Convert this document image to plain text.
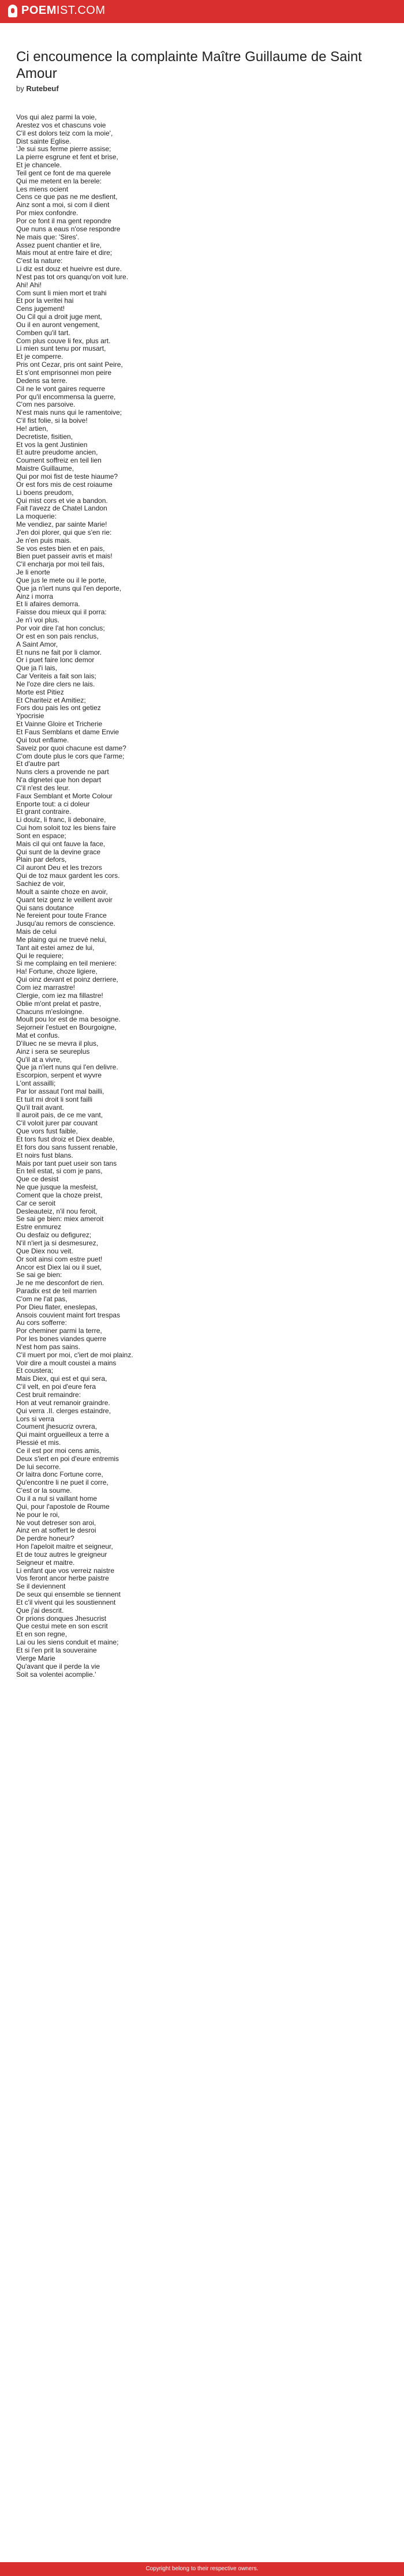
POEM IST.COM
Ci encoumence la complainte Maître Guillaume de Saint Amour
by Rutebeuf
Vos qui alez parmi la voie,
Arestez vos et chascuns voie
C'il est dolors teiz com la moie',
Dist sainte Eglise.
'Je sui sus ferme pierre assise;
La pierre esgrune et fent et brise,
Et je chancele.
Teil gent ce font de ma querele
Qui me metent en la berele:
Les miens ocient
Cens ce que pas ne me desfient,
Ainz sont a moi, si com il dient
Por miex confondre.
Por ce font il ma gent repondre
Que nuns a eaus n'ose respondre
Ne mais que: 'Sires'.
Assez puent chantier et lire,
Mais mout at entre faire et dire;
C'est la nature:
Li diz est douz et hueivre est dure.
N'est pas tot ors quanqu'on voit lure.
Ahi! Ahi!
Com sunt li mien mort et trahi
Et por la veritei hai
Cens jugement!
Ou Cil qui a droit juge ment,
Ou il en auront vengement,
Comben qu'il tart.
Com plus couve li fex, plus art.
Li mien sunt tenu por musart,
Et je comperre.
Pris ont Cezar, pris ont saint Peire,
Et s'ont emprisonnei mon peire
Dedens sa terre.
Cil ne le vont gaires requerre
Por qu'il encommensa la guerre,
C'om nes parsoive.
N'est mais nuns qui le ramentoive;
C'il fist folie, si la boive!
He! artien,
Decretiste, fisitien,
Et vos la gent Justinien
Et autre preudome ancien,
Coument soffreiz en teil lien
Maistre Guillaume,
Qui por moi fist de teste hiaume?
Or est fors mis de cest roiaume
Li boens preudom,
Qui mist cors et vie a bandon.
Fait l'avezz de Chatel Landon
La moquerie:
Me vendiez, par sainte Marie!
J'en doi plorer, qui que s'en rie:
Je n'en puis mais.
Se vos estes bien et en pais,
Bien puet passeir avris et mais!
C'il encharja por moi teil fais,
Je li enorte
Que jus le mete ou il le porte,
Que ja n'iert nuns qui l'en deporte,
Ainz i morra
Et li afaires demorra.
Faisse dou mieux qui il porra:
Je n'i voi plus.
Por voir dire l'at hon conclus;
Or est en son pais renclus,
A Saint Amor,
Et nuns ne fait por li clamor.
Or i puet faire lonc demor
Que ja l'i lais,
Car Veriteis a fait son lais;
Ne l'oze dire clers ne lais.
Morte est Pitiez
Et Chariteiz et Amitiez;
Fors dou pais les ont getiez
Ypocrisie
Et Vainne Gloire et Tricherie
Et Faus Semblans et dame Envie
Qui tout enflame.
Saveiz por quoi chacune est dame?
C'om doute plus le cors que l'arme;
Et d'autre part
Nuns clers a provende ne part
N'a dignetei que hon depart
C'il n'est des leur.
Faux Semblant et Morte Colour
Enporte tout: a ci doleur
Et grant contraire.
Li doulz, li franc, li debonaire,
Cui hom soloit toz les biens faire
Sont en espace;
Mais cil qui ont fauve la face,
Qui sunt de la devine grace
Plain par defors,
Cil auront Deu et les trezors
Qui de toz maux gardent les cors.
Sachiez de voir,
Moult a sainte choze en avoir,
Quant teiz genz le veillent avoir
Qui sans doutance
Ne fereient pour toute France
Jusqu'au remors de conscience.
Mais de celui
Me plaing qui ne truevé nelui,
Tant ait estei amez de lui,
Qui le requiere;
Si me complaing en teil meniere:
Ha! Fortune, choze ligiere,
Qui oinz devant et poinz derriere,
Com iez marrastre!
Clergie, com iez ma fillastre!
Oblie m'ont prelat et pastre,
Chacuns m'esloingne.
Moult pou lor est de ma besoigne.
Sejorneir l'estuet en Bourgoigne,
Mat et confus.
D'iluec ne se mevra il plus,
Ainz i sera se seureplus
Qu'il at a vivre,
Que ja n'iert nuns qui l'en delivre.
Escorpion, serpent et wyvre
L'ont assailli;
Par lor assaut l'ont mal bailli,
Et tuit mi droit li sont failli
Qu'il trait avant.
Il auroit pais, de ce me vant,
C'il voloit jurer par couvant
Que vors fust faible,
Et tors fust droiz et Diex deable,
Et fors dou sans fussent renable,
Et noirs fust blans.
Mais por tant puet useir son tans
En teil estat, si com je pans,
Que ce desist
Ne que jusque la mesfeist,
Coment que la choze preist,
Car ce seroit
Desleauteiz, n'il nou feroit,
Se sai ge bien: miex ameroit
Estre enmurez
Ou desfaiz ou defigurez;
N'il n'iert ja si desmesurez,
Que Diex nou veit.
Or soit ainsi com estre puet!
Ancor est Diex lai ou il suet,
Se sai ge bien:
Je ne me desconfort de rien.
Paradix est de teil marrien
C'om ne l'at pas,
Por Dieu flater, eneslepas,
Ansois couvient maint fort trespas
Au cors sofferre:
Por cheminer parmi la terre,
Por les bones viandes querre
N'est hom pas sains.
C'il muert por moi, c'iert de moi plainz.
Voir dire a moult coustei a mains
Et coustera;
Mais Diex, qui est et qui sera,
C'il velt, en poi d'eure fera
Cest bruit remaindre:
Hon at veut remanoir graindre.
Qui verra .II. clerges estaindre,
Lors si verra
Coument jhesucriz ovrera,
Qui maint orgueilleux a terre a
Plessié et mis.
Ce il est por moi cens amis,
Deux s'iert en poi d'eure entremis
De lui secorre.
Or laitra donc Fortune corre,
Qu'encontre li ne puet il corre,
C'est or la soume.
Ou il a nul si vaillant home
Qui, pour l'apostole de Roume
Ne pour le roi,
Ne vout detreser son aroi,
Ainz en at soffert le desroi
De perdre honeur?
Hon l'apeloit maitre et seigneur,
Et de touz autres le greigneur
Seigneur et maitre.
Li enfant que vos verreiz naistre
Vos feront ancor herbe paistre
Se il deviennent
De seux qui ensemble se tiennent
Et c'il vivent qui les soustiennent
Que j'ai descrit.
Or prions donques Jhesucrist
Que cestui mete en son escrit
Et en son regne,
Lai ou les siens conduit et maine;
Et si l'en prit la souveraine
Vierge Marie
Qu'avant que il perde la vie
Soit sa volentei acomplie.'
Copyright belong to their respective owners.
